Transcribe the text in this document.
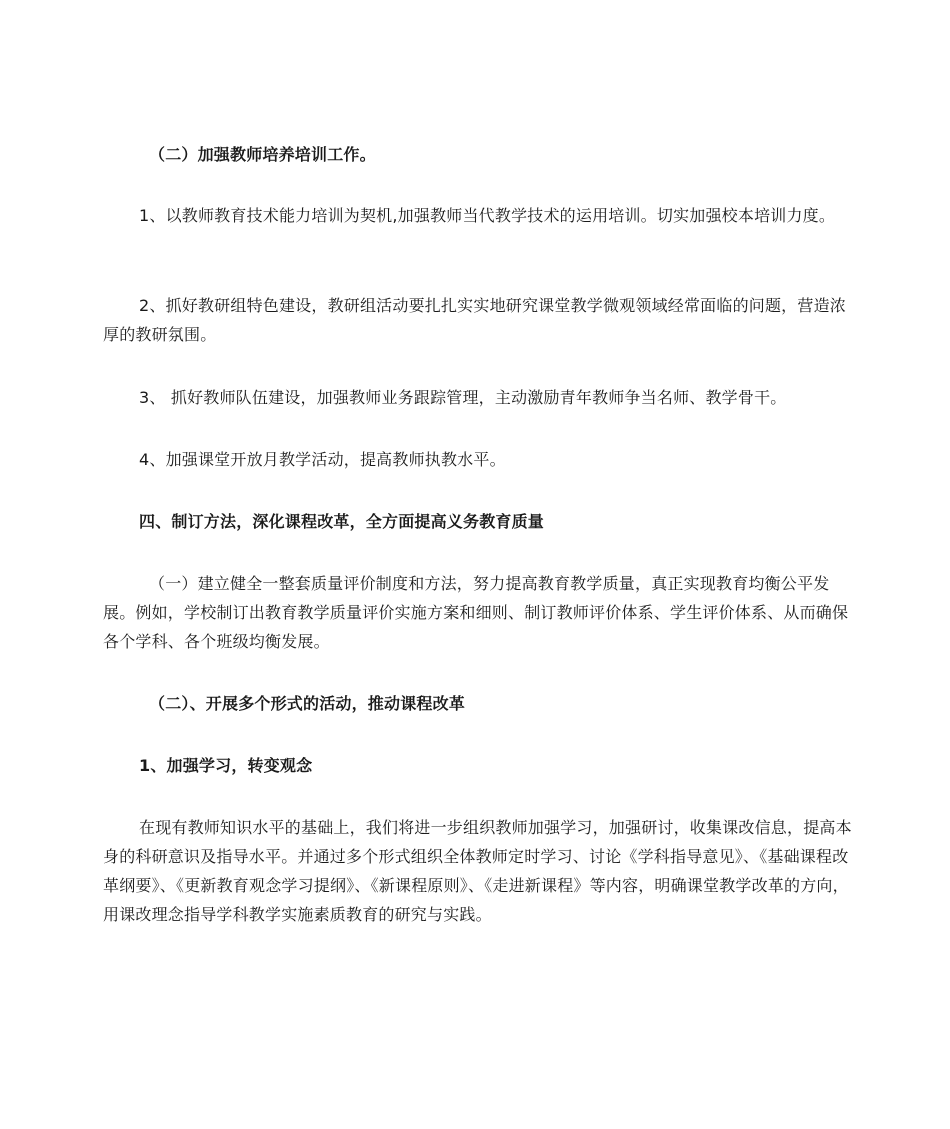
（二）加强教师培养培训工作。
1、以教师教育技术能力培训为契机,加强教师当代教学技术的运用培训。切实加强校本培训力度。
2、抓好教研组特色建设，教研组活动要扎扎实实地研究课堂教学微观领域经常面临的问题，营造浓厚的教研氛围。
3、 抓好教师队伍建设，加强教师业务跟踪管理，主动激励青年教师争当名师、教学骨干。
4、加强课堂开放月教学活动，提高教师执教水平。
四、制订方法，深化课程改革，全方面提高义务教育质量
（一）建立健全一整套质量评价制度和方法，努力提高教育教学质量，真正实现教育均衡公平发展。例如，学校制订出教育教学质量评价实施方案和细则、制订教师评价体系、学生评价体系、从而确保各个学科、各个班级均衡发展。
（二）、开展多个形式的活动，推动课程改革
1、加强学习，转变观念
在现有教师知识水平的基础上，我们将进一步组织教师加强学习，加强研讨，收集课改信息，提高本身的科研意识及指导水平。并通过多个形式组织全体教师定时学习、讨论《学科指导意见》、《基础课程改革纲要》、《更新教育观念学习提纲》、《新课程原则》、《走进新课程》等内容，明确课堂教学改革的方向，用课改理念指导学科教学实施素质教育的研究与实践。
